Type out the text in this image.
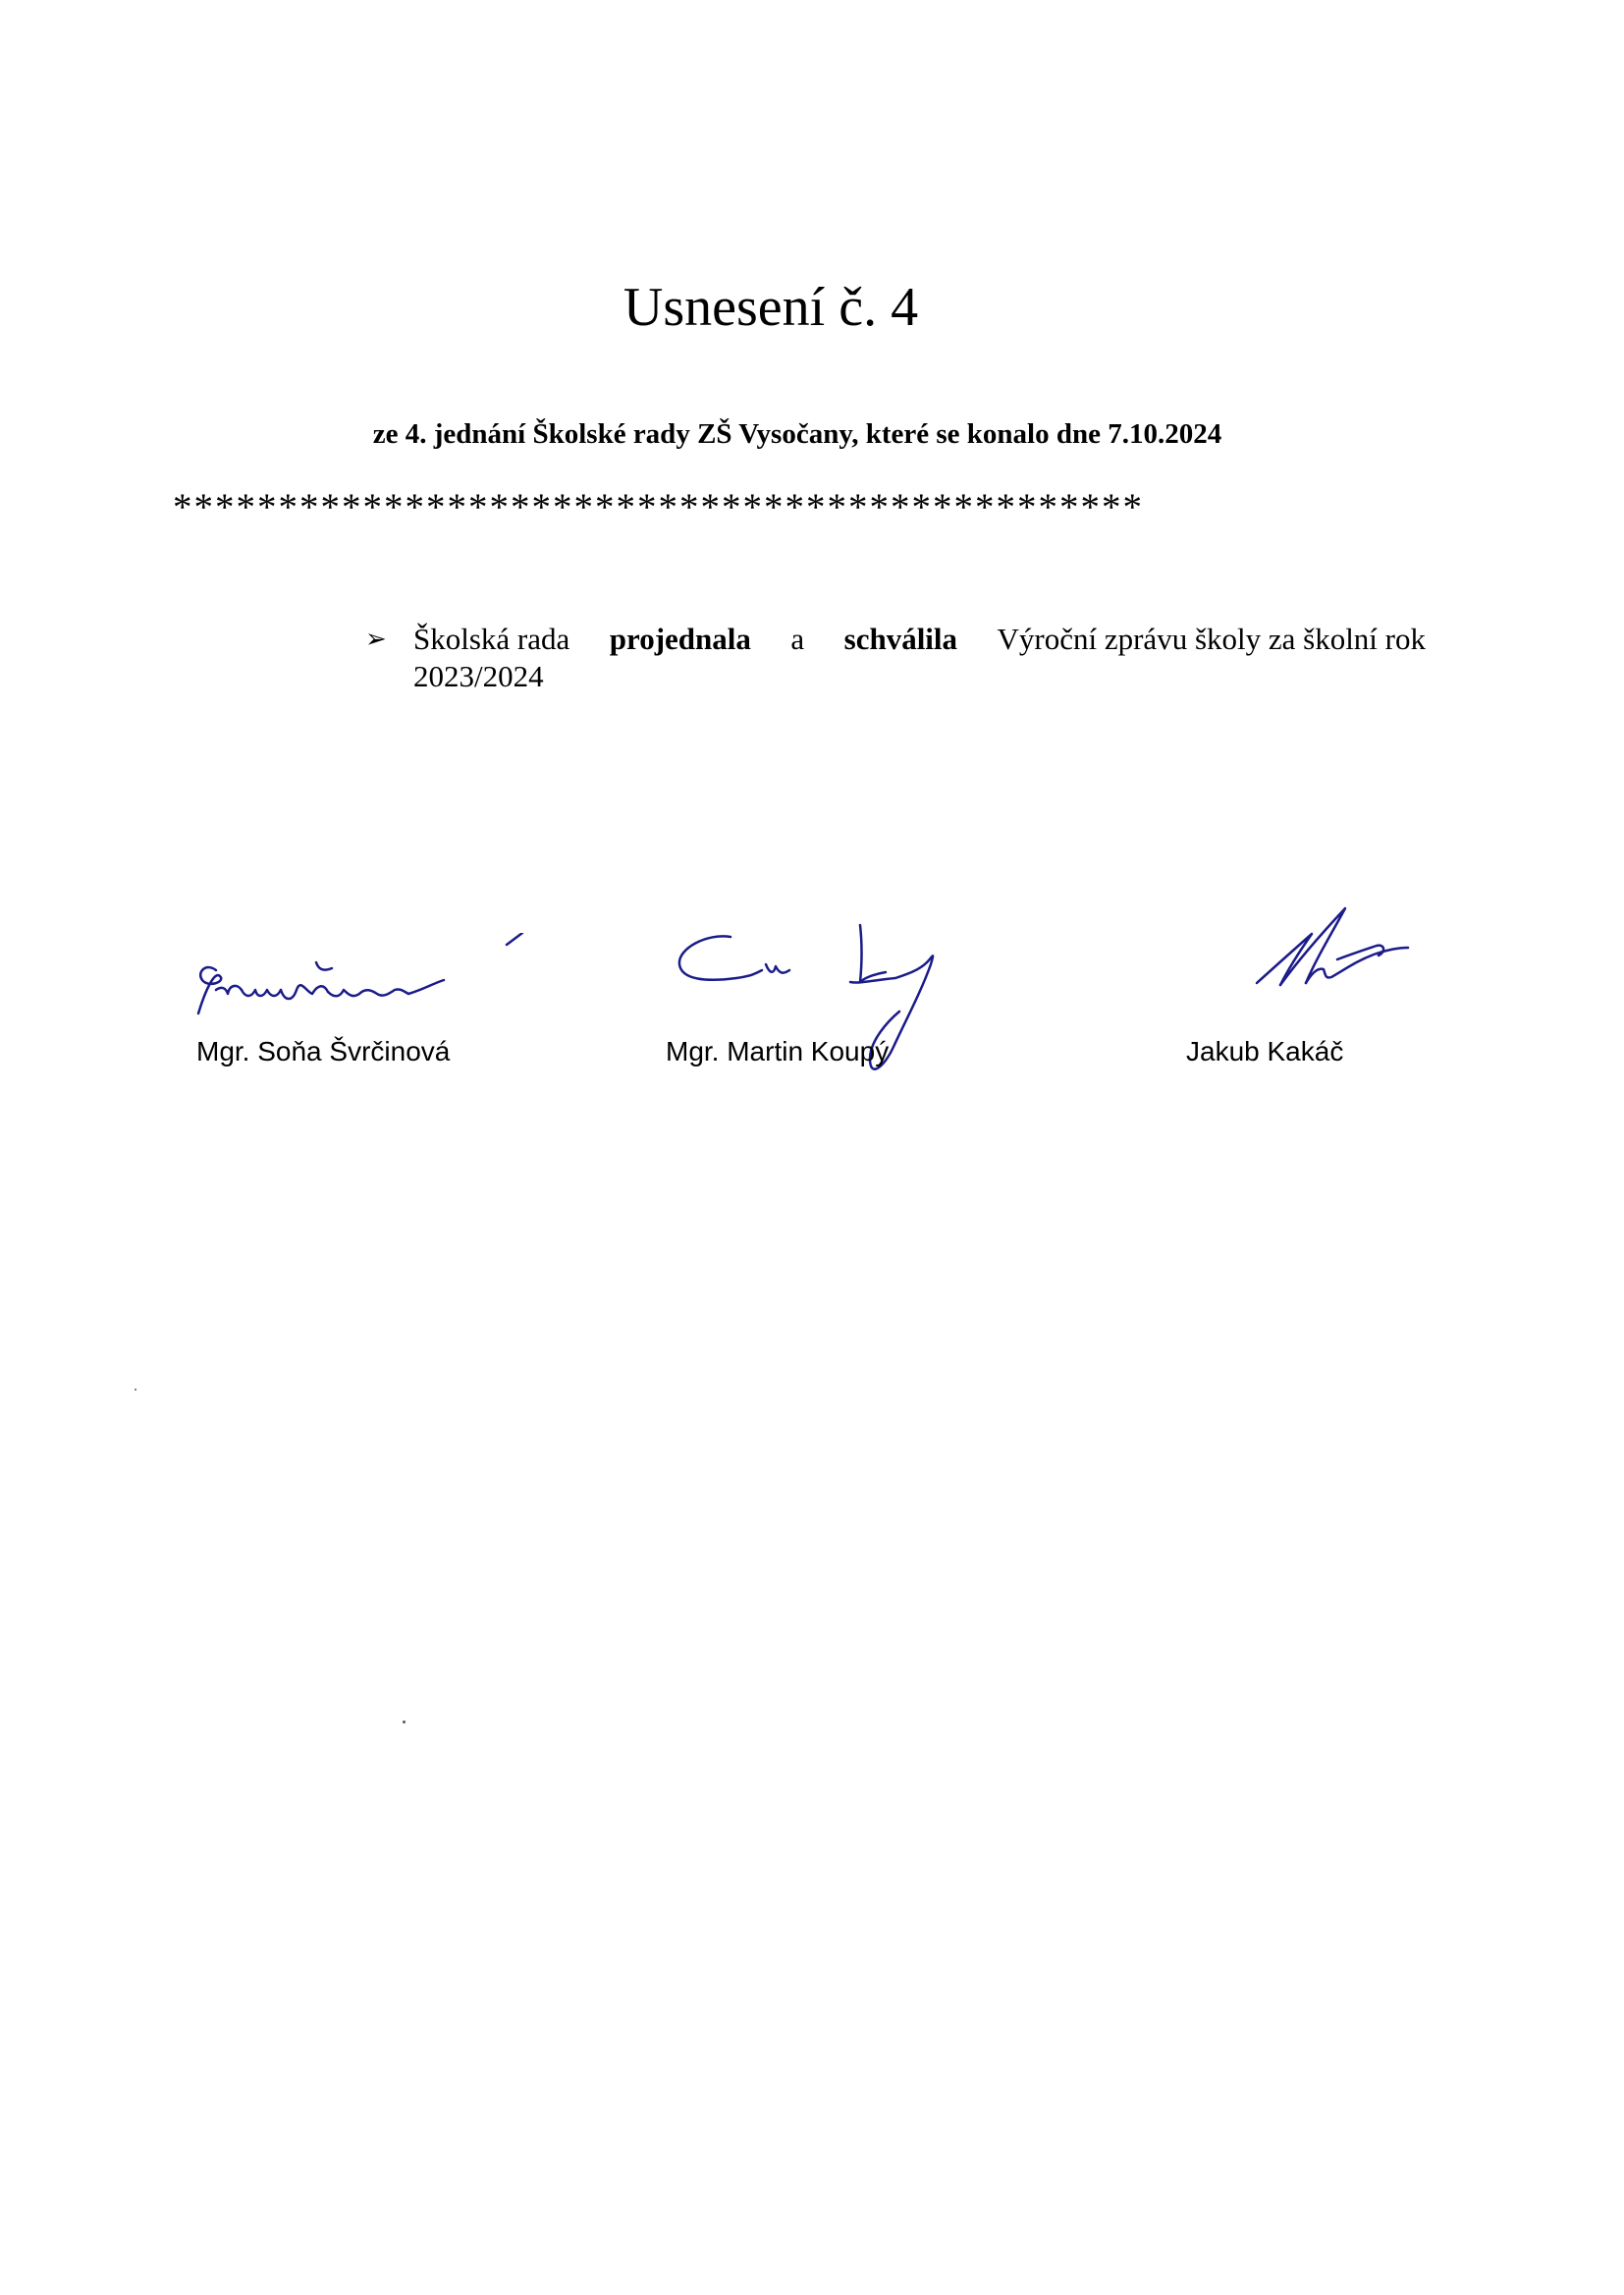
Usnesení č. 4
ze 4. jednání Školské rady ZŠ Vysočany, které se konalo dne 7.10.2024
**********************************************
➢ Školská rada projednala a schválila Výroční zprávu školy za školní rok
2023/2024
Mgr. Soňa Švrčinová	Mgr. Martin Koupý	Jakub Kakáč
